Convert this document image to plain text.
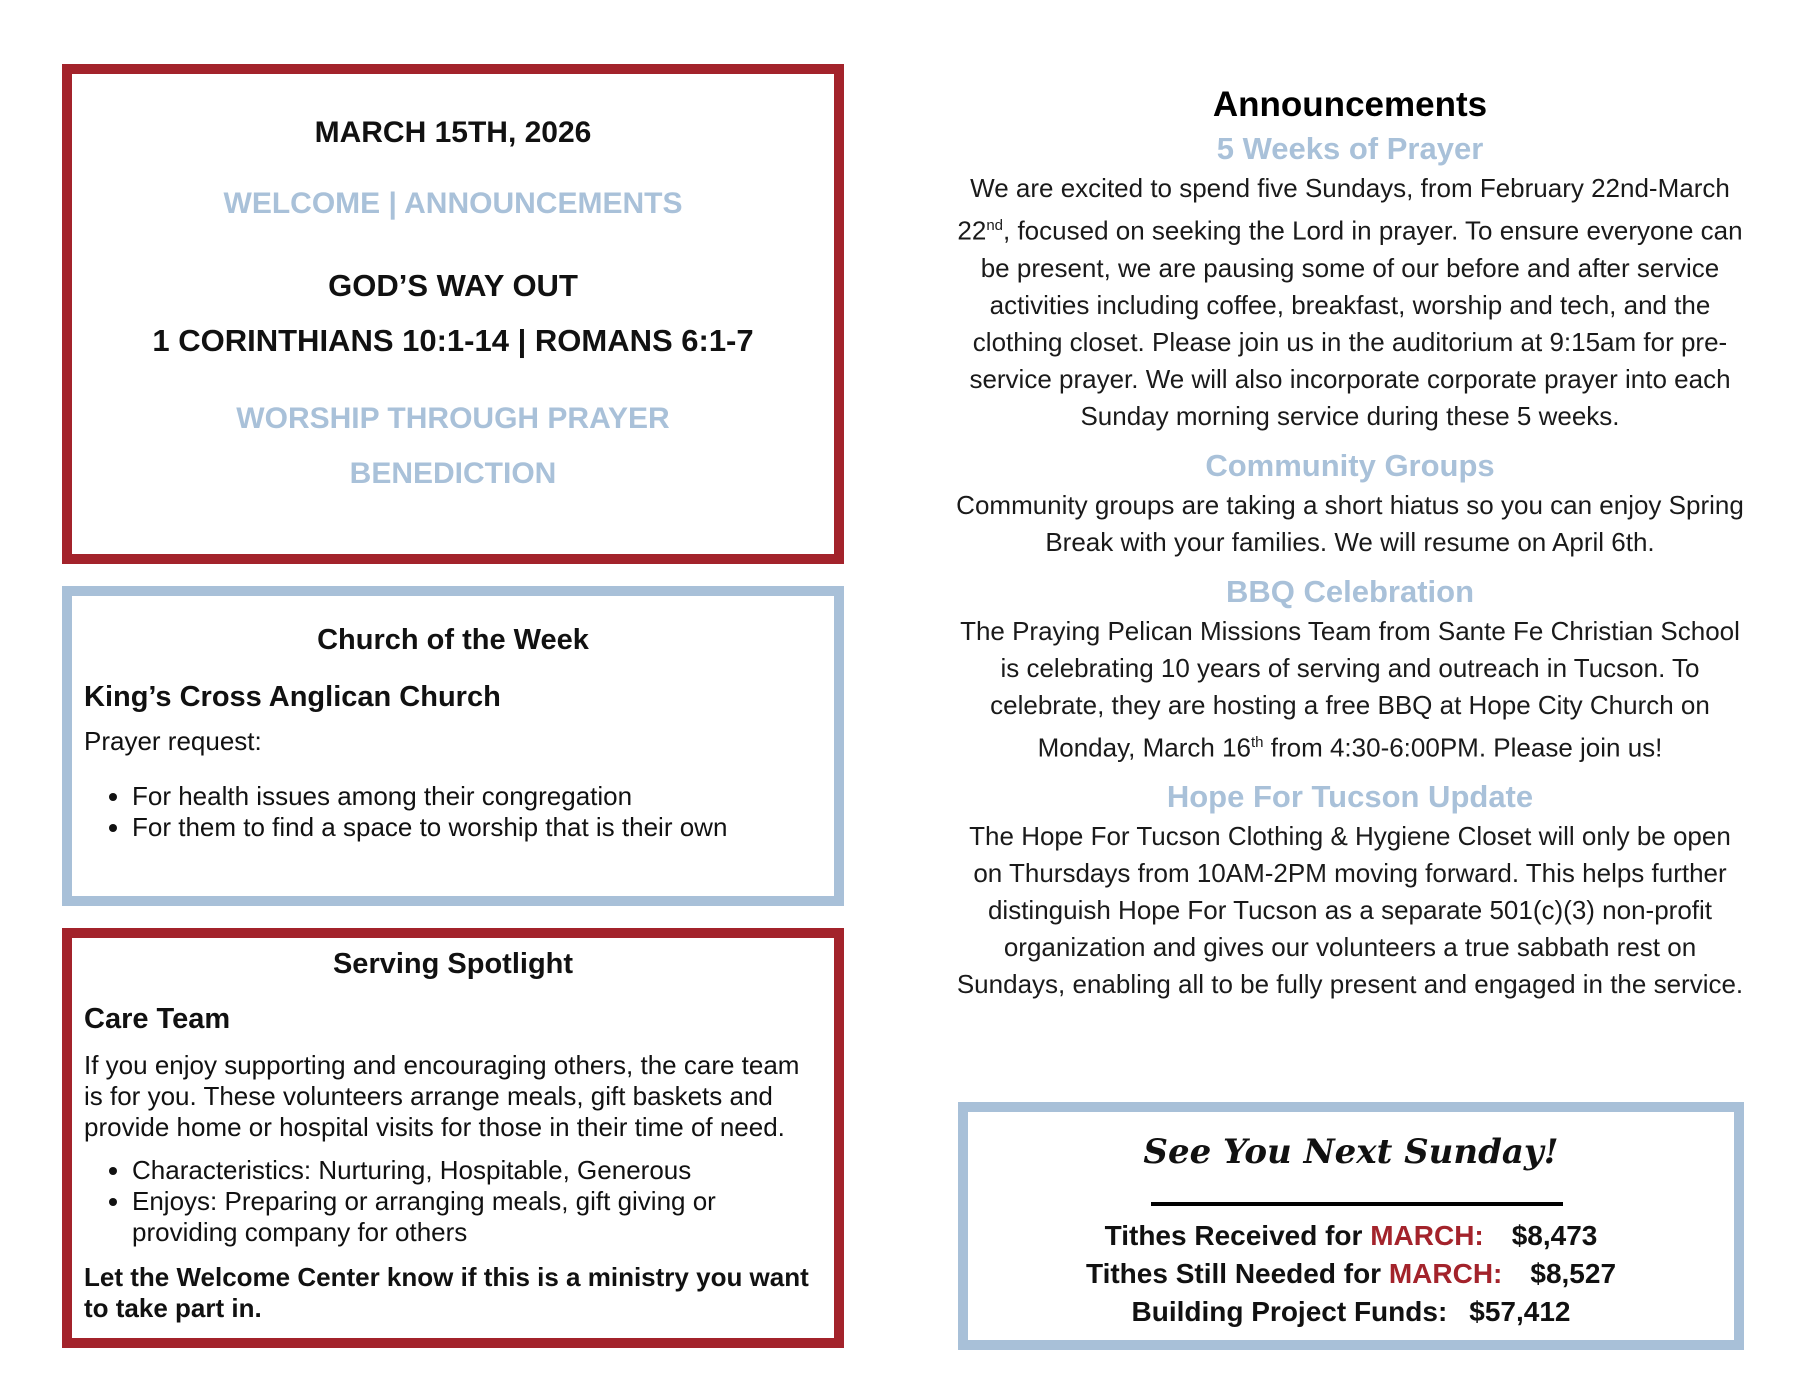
MARCH 15TH, 2026
WELCOME | ANNOUNCEMENTS
GOD’S WAY OUT
1 CORINTHIANS 10:1-14 | ROMANS 6:1-7
WORSHIP THROUGH PRAYER
BENEDICTION
Church of the Week
King’s Cross Anglican Church
Prayer request:
• For health issues among their congregation
• For them to find a space to worship that is their own
Serving Spotlight
Care Team
If you enjoy supporting and encouraging others, the care team is for you. These volunteers arrange meals, gift baskets and provide home or hospital visits for those in their time of need.
• Characteristics: Nurturing, Hospitable, Generous
• Enjoys: Preparing or arranging meals, gift giving or providing company for others
Let the Welcome Center know if this is a ministry you want to take part in.
Announcements
5 Weeks of Prayer
We are excited to spend five Sundays, from February 22nd-March 22nd, focused on seeking the Lord in prayer. To ensure everyone can be present, we are pausing some of our before and after service activities including coffee, breakfast, worship and tech, and the clothing closet. Please join us in the auditorium at 9:15am for pre-service prayer. We will also incorporate corporate prayer into each Sunday morning service during these 5 weeks.
Community Groups
Community groups are taking a short hiatus so you can enjoy Spring Break with your families. We will resume on April 6th.
BBQ Celebration
The Praying Pelican Missions Team from Sante Fe Christian School is celebrating 10 years of serving and outreach in Tucson. To celebrate, they are hosting a free BBQ at Hope City Church on Monday, March 16th from 4:30-6:00PM. Please join us!
Hope For Tucson Update
The Hope For Tucson Clothing & Hygiene Closet will only be open on Thursdays from 10AM-2PM moving forward. This helps further distinguish Hope For Tucson as a separate 501(c)(3) non-profit organization and gives our volunteers a true sabbath rest on Sundays, enabling all to be fully present and engaged in the service.
See You Next Sunday!
Tithes Received for MARCH: $8,473
Tithes Still Needed for MARCH: $8,527
Building Project Funds: $57,412
